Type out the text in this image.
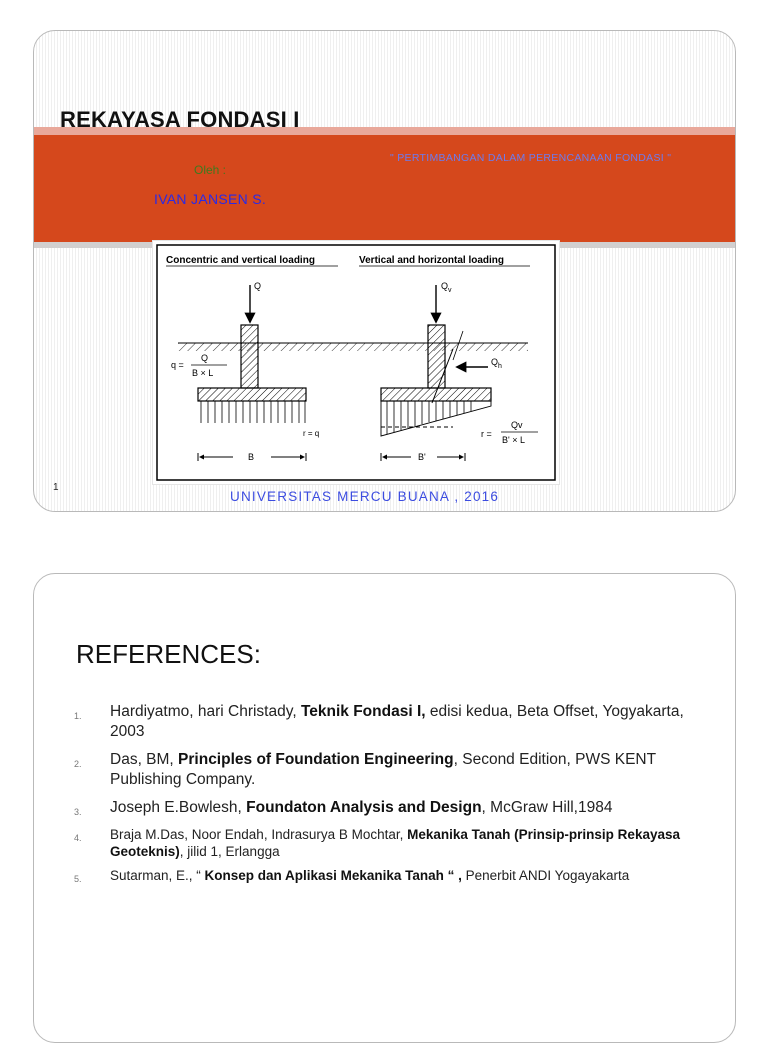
REKAYASA FONDASI I
" PERTIMBANGAN DALAM PERENCANAAN FONDASI "
Oleh :
IVAN JANSEN S.
Concentric and vertical loading	Vertical and horizontal loading
Q
q =
Q
B × L
r = q
B
$Q_v$
$Q_h$
r =
Qv
B' × L
B'
1
UNIVERSITAS MERCU BUANA , 2016
REFERENCES:
1. Hardiyatmo, hari Christady, Teknik Fondasi I, edisi kedua, Beta Offset, Yogyakarta, 2003
2. Das, BM, Principles of Foundation Engineering, Second Edition, PWS KENT Publishing Company.
3. Joseph E.Bowlesh, Foundaton Analysis and Design, McGraw Hill,1984
4. Braja M.Das, Noor Endah, Indrasurya B Mochtar, Mekanika Tanah (Prinsip-prinsip Rekayasa Geoteknis), jilid 1, Erlangga
5. Sutarman, E., “ Konsep dan Aplikasi Mekanika Tanah “ , Penerbit ANDI Yogayakarta
